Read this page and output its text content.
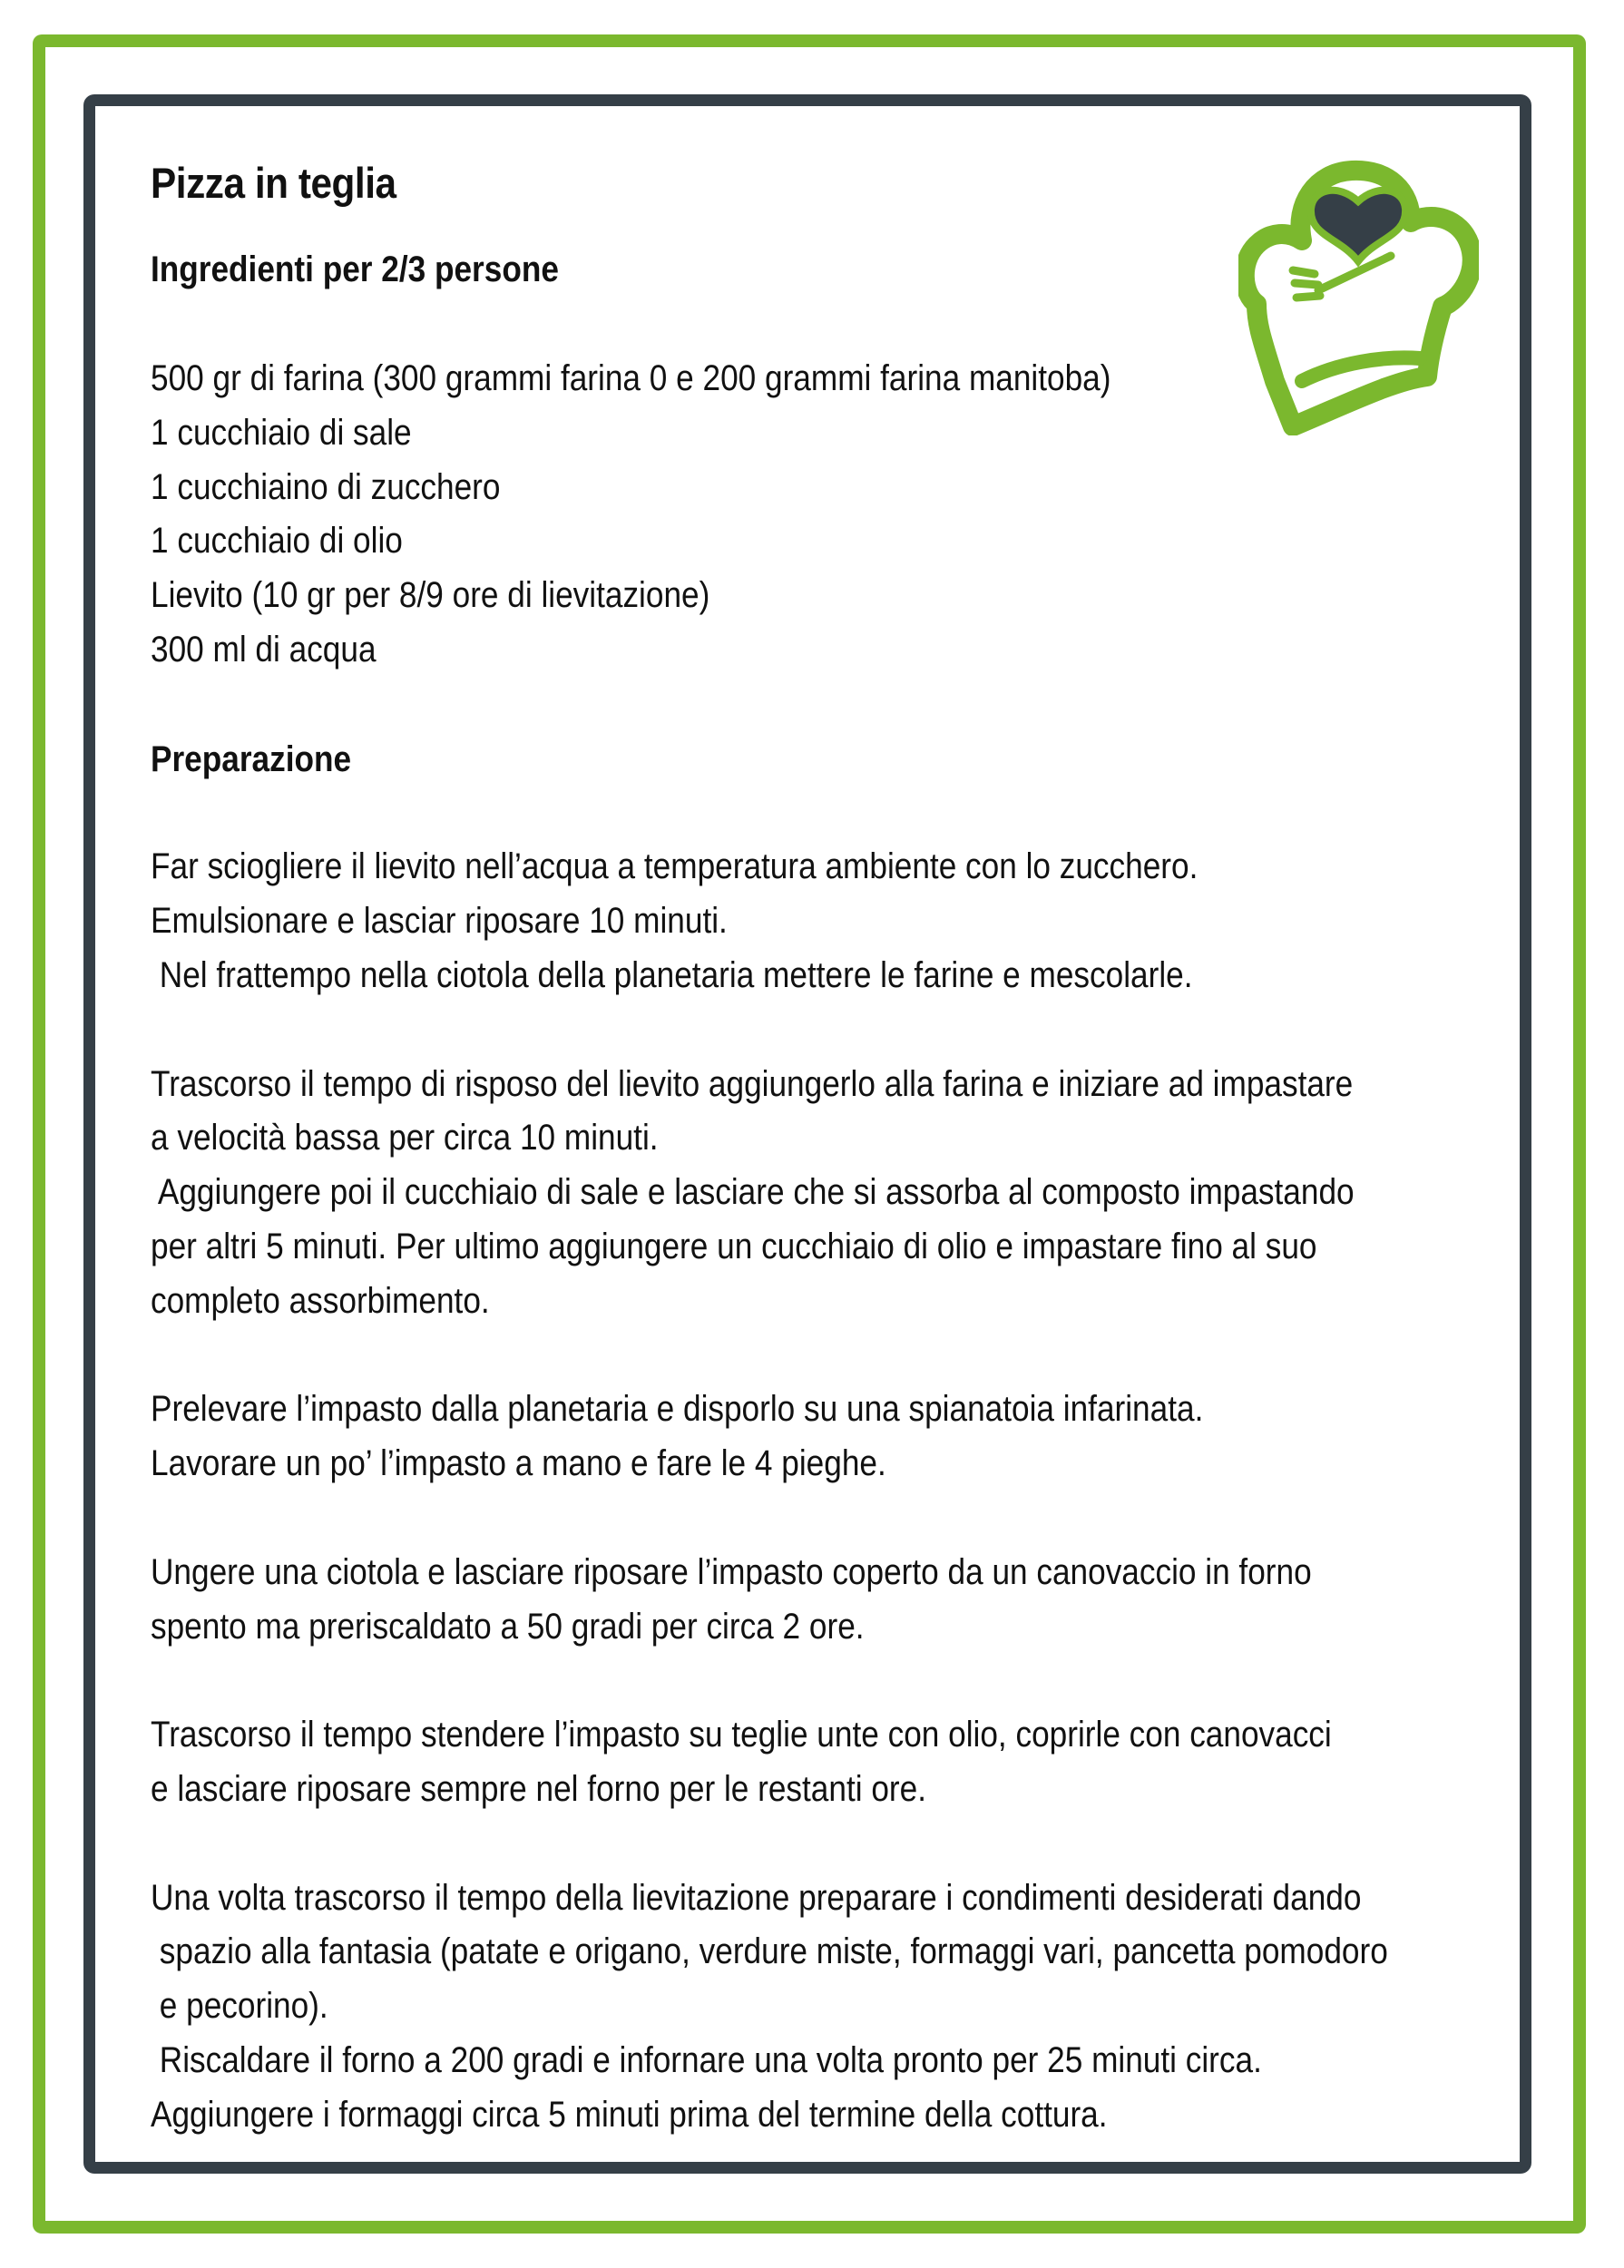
Pizza in teglia

Ingredienti per 2/3 persone

500 gr di farina (300 grammi farina 0 e 200 grammi farina manitoba)

1 cucchiaio di sale

1 cucchiaino di zucchero

1 cucchiaio di olio

Lievito (10 gr per 8/9 ore di lievitazione)

300 ml di acqua

Preparazione

Far sciogliere il lievito nell’acqua a temperatura ambiente con lo zucchero.

Emulsionare e lasciar riposare 10 minuti.

Nel frattempo nella ciotola della planetaria mettere le farine e mescolarle.

Trascorso il tempo di risposo del lievito aggiungerlo alla farina e iniziare ad impastare

a velocità bassa per circa 10 minuti.

Aggiungere poi il cucchiaio di sale e lasciare che si assorba al composto impastando

per altri 5 minuti. Per ultimo aggiungere un cucchiaio di olio e impastare fino al suo

completo assorbimento.

Prelevare l’impasto dalla planetaria e disporlo su una spianatoia infarinata.

Lavorare un po’ l’impasto a mano e fare le 4 pieghe.

Ungere una ciotola e lasciare riposare l’impasto coperto da un canovaccio in forno

spento ma preriscaldato a 50 gradi per circa 2 ore.

Trascorso il tempo stendere l’impasto su teglie unte con olio, coprirle con canovacci

e lasciare riposare sempre nel forno per le restanti ore.

Una volta trascorso il tempo della lievitazione preparare i condimenti desiderati dando

spazio alla fantasia (patate e origano, verdure miste, formaggi vari, pancetta pomodoro

e pecorino).

Riscaldare il forno a 200 gradi e infornare una volta pronto per 25 minuti circa.

Aggiungere i formaggi circa 5 minuti prima del termine della cottura.
